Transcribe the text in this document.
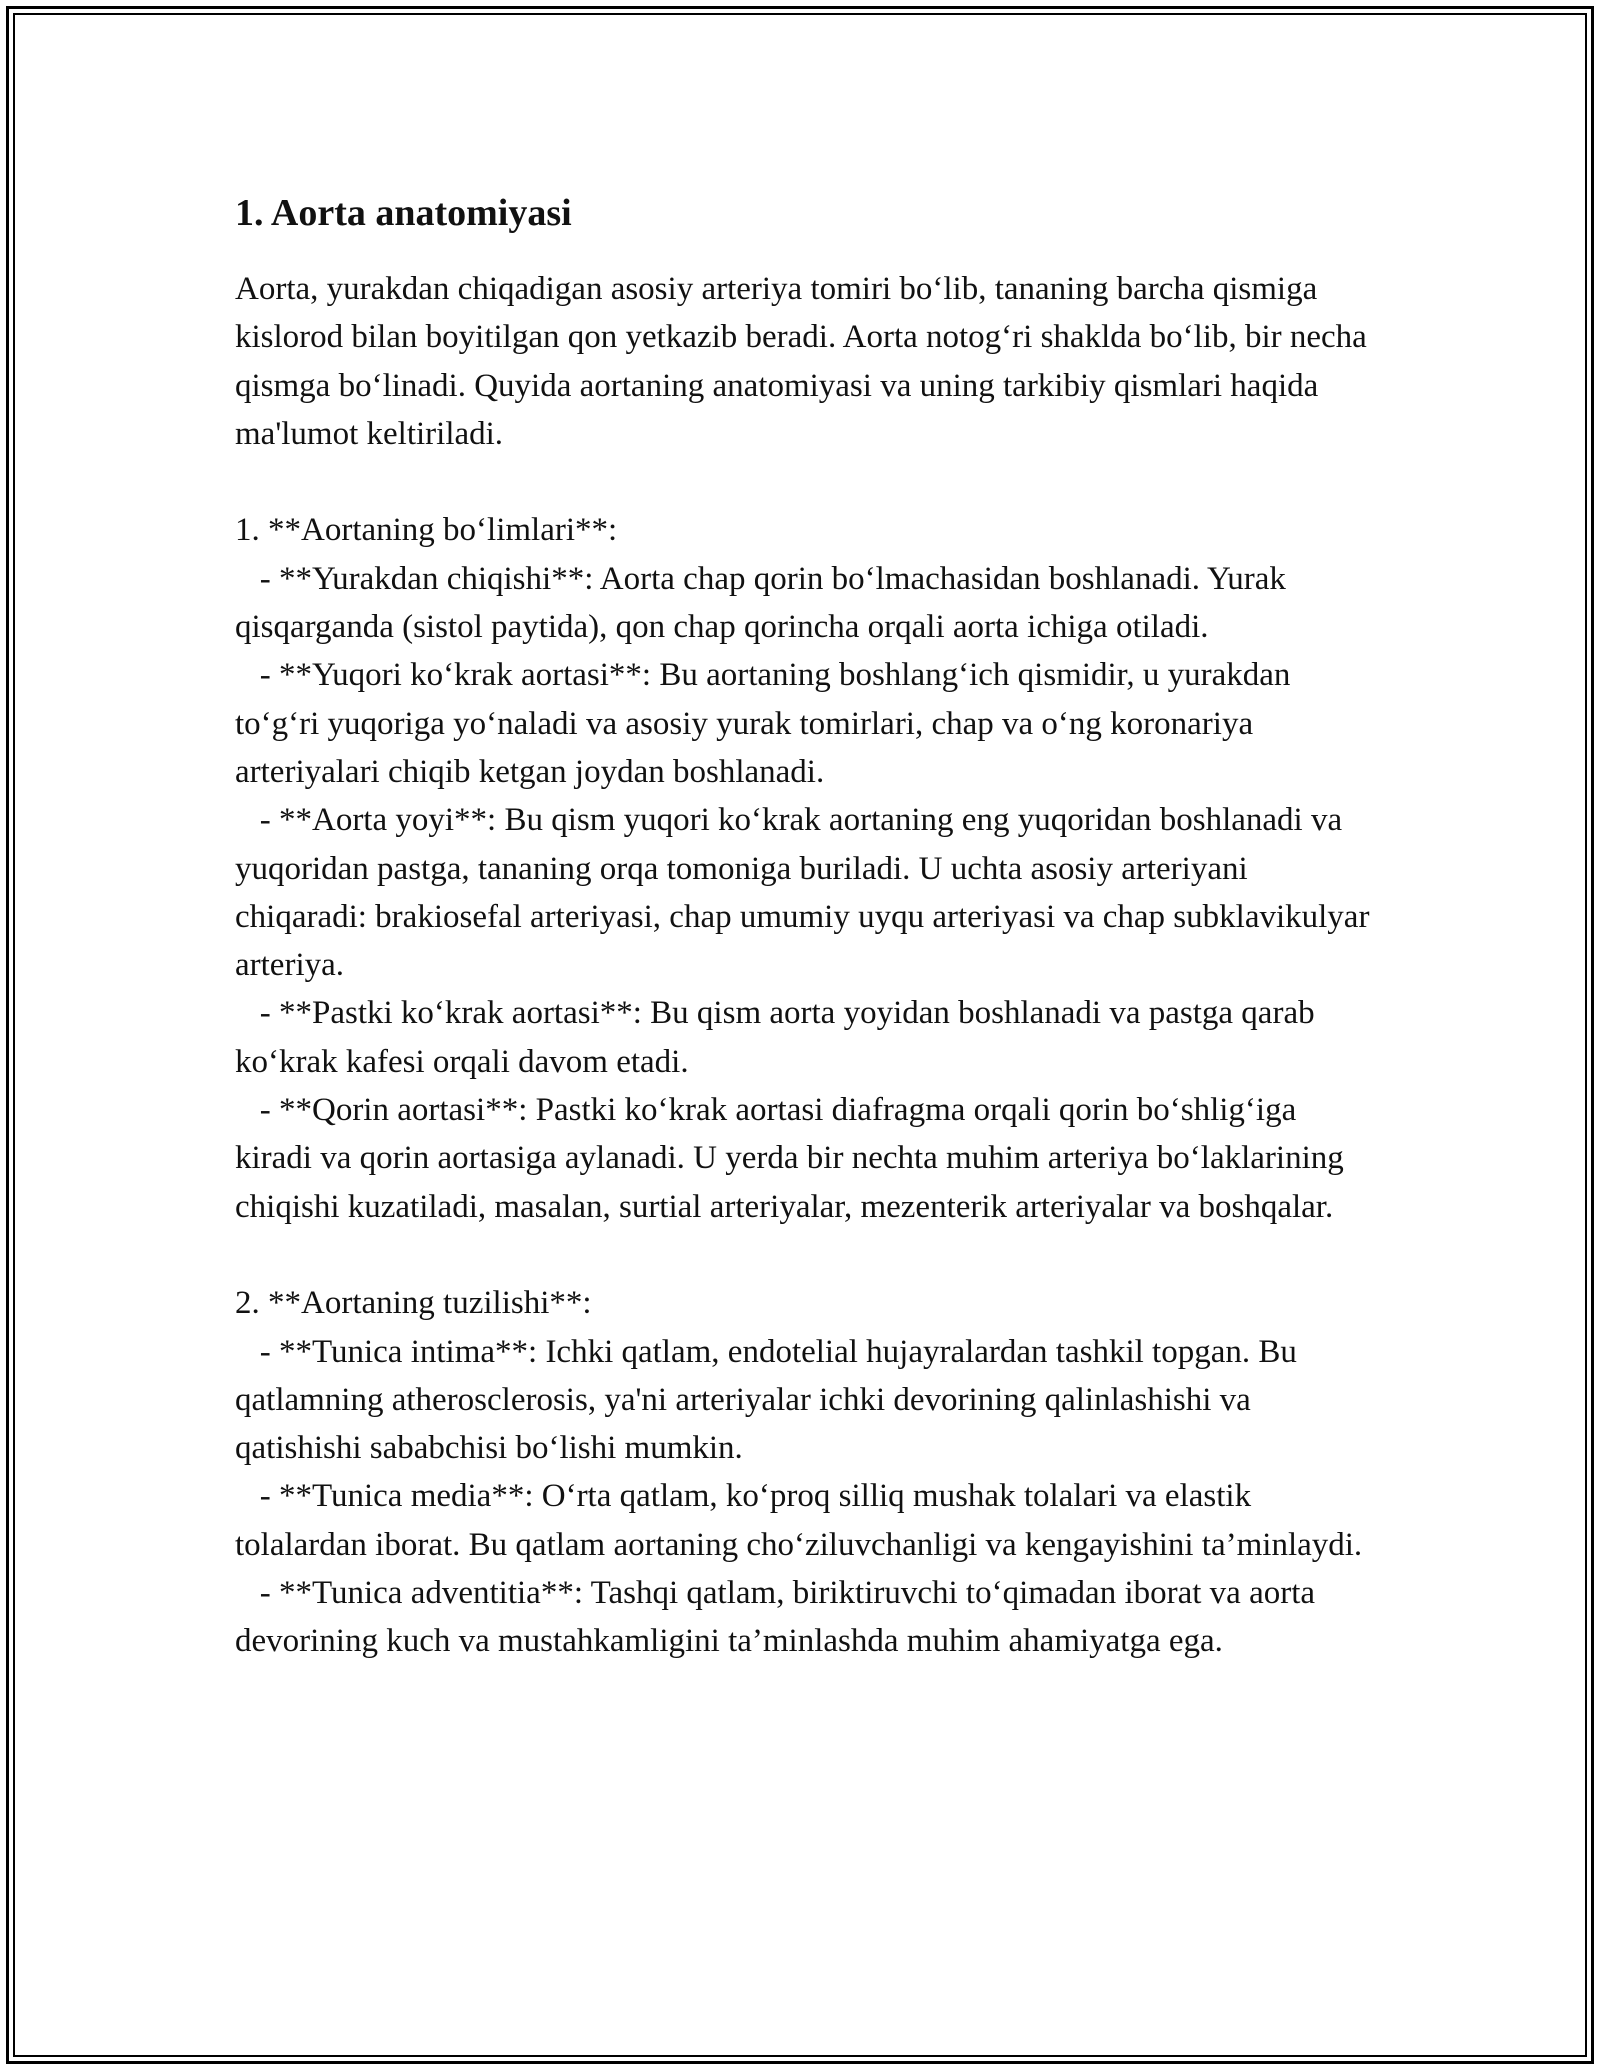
1. Aorta anatomiyasi

Aorta, yurakdan chiqadigan asosiy arteriya tomiri bo‘lib, tananing barcha qismiga kislorod bilan boyitilgan qon yetkazib beradi. Aorta notog‘ri shaklda bo‘lib, bir necha qismga bo‘linadi. Quyida aortaning anatomiyasi va uning tarkibiy qismlari haqida ma'lumot keltiriladi.

1. **Aortaning bo‘limlari**:

- **Yurakdan chiqishi**: Aorta chap qorin bo‘lmachasidan boshlanadi. Yurak qisqarganda (sistol paytida), qon chap qorincha orqali aorta ichiga otiladi.

- **Yuqori ko‘krak aortasi**: Bu aortaning boshlang‘ich qismidir, u yurakdan to‘g‘ri yuqoriga yo‘naladi va asosiy yurak tomirlari, chap va o‘ng koronariya arteriyalari chiqib ketgan joydan boshlanadi.

- **Aorta yoyi**: Bu qism yuqori ko‘krak aortaning eng yuqoridan boshlanadi va yuqoridan pastga, tananing orqa tomoniga buriladi. U uchta asosiy arteriyani chiqaradi: brakiosefal arteriyasi, chap umumiy uyqu arteriyasi va chap subklavikulyar arteriya.

- **Pastki ko‘krak aortasi**: Bu qism aorta yoyidan boshlanadi va pastga qarab ko‘krak kafesi orqali davom etadi.

- **Qorin aortasi**: Pastki ko‘krak aortasi diafragma orqali qorin bo‘shlig‘iga kiradi va qorin aortasiga aylanadi. U yerda bir nechta muhim arteriya bo‘laklarining chiqishi kuzatiladi, masalan, surtial arteriyalar, mezenterik arteriyalar va boshqalar.

2. **Aortaning tuzilishi**:

- **Tunica intima**: Ichki qatlam, endotelial hujayralardan tashkil topgan. Bu qatlamning atherosclerosis, ya'ni arteriyalar ichki devorining qalinlashishi va qatishishi sababchisi bo‘lishi mumkin.

- **Tunica media**: O‘rta qatlam, ko‘proq silliq mushak tolalari va elastik tolalardan iborat. Bu qatlam aortaning cho‘ziluvchanligi va kengayishini ta’minlaydi.

- **Tunica adventitia**: Tashqi qatlam, biriktiruvchi to‘qimadan iborat va aorta devorining kuch va mustahkamligini ta’minlashda muhim ahamiyatga ega.
